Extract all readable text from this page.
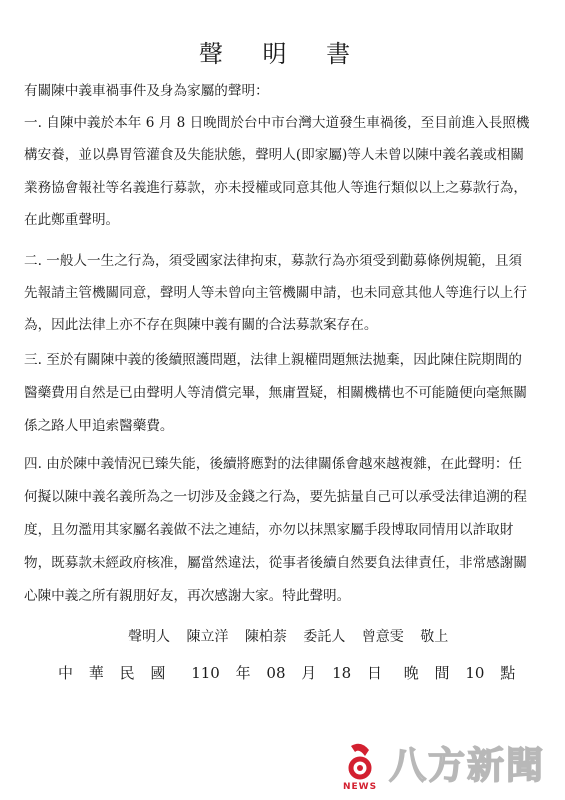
聲 明 書
有關陳中義車禍事件及身為家屬的聲明：
一. 自陳中義於本年 6 月 8 日晚間於台中市台灣大道發生車禍後，至目前進入長照機
構安養，並以鼻胃管灌食及失能狀態，聲明人(即家屬)等人未曾以陳中義名義或相關
業務協會報社等名義進行募款，亦未授權或同意其他人等進行類似以上之募款行為，
在此鄭重聲明。
二. 一般人一生之行為，須受國家法律拘束，募款行為亦須受到勸募條例規範，且須
先報請主管機關同意，聲明人等未曾向主管機關申請，也未同意其他人等進行以上行
為，因此法律上亦不存在與陳中義有關的合法募款案存在。
三. 至於有關陳中義的後續照護問題，法律上親權問題無法拋棄，因此陳住院期間的
醫藥費用自然是已由聲明人等清償完畢，無庸置疑，相關機構也不可能隨便向毫無關
係之路人甲追索醫藥費。
四. 由於陳中義情況已臻失能，後續將應對的法律關係會越來越複雜，在此聲明：任
何擬以陳中義名義所為之一切涉及金錢之行為，要先掂量自己可以承受法律追溯的程
度，且勿濫用其家屬名義做不法之連結，亦勿以抹黑家屬手段博取同情用以詐取財
物，既募款未經政府核准，屬當然違法，從事者後續自然要負法律責任，非常感謝關
心陳中義之所有親朋好友，再次感謝大家。特此聲明。
聲明人 陳立洋 陳柏萘 委託人 曾意雯 敬上
中 華 民 國 110 年 08 月 18 日 晚 間 10 點
NEWS 八方新聞
